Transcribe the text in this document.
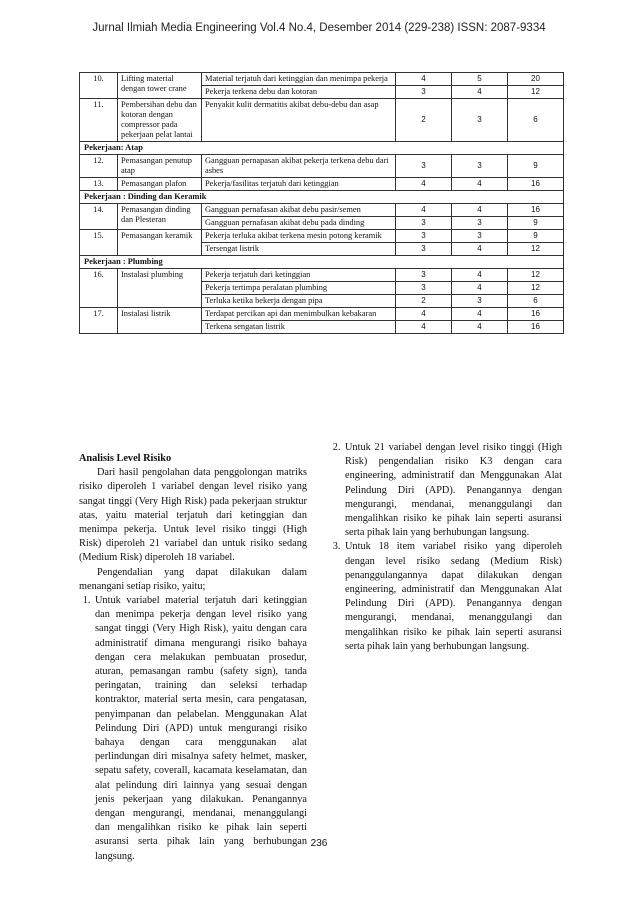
Jurnal Ilmiah Media Engineering Vol.4 No.4, Desember 2014 (229-238) ISSN: 2087-9334
10.	Lifting material dengan tower crane	Material terjatuh dari ketinggian dan menimpa pekerja	4	5	20
		Pekerja terkena debu dan kotoran	3	4	12
11.	Pembersihan debu dan kotoran dengan compressor pada pekerjaan pelat lantai	Penyakit kulit dermatitis akibat debu-debu dan asap	2	3	6
Pekerjaan: Atap					
12.	Pemasangan penutup atap	Gangguan pernapasan akibat pekerja terkena debu dari asbes	3	3	9
13.	Pemasangan plafon	Pekerja/fasilitas terjatuh dari ketinggian	4	4	16
Pekerjaan : Dinding dan Keramik					
14.	Pemasangan dinding dan Plesteran	Gangguan pernafasan akibat debu pasir/semen	4	4	16
		Gangguan pernafasan akibat debu pada dinding	3	3	9
15.	Pemasangan keramik	Pekerja terluka akibat terkena mesin potong keramik	3	3	9
		Tersengat listrik	3	4	12
Pekerjaan : Plumbing					
16.	Instalasi plumbing	Pekerja terjatuh dari ketinggian	3	4	12
		Pekerja tertimpa peralatan plumbing	3	4	12
		Terluka ketika bekerja dengan pipa	2	3	6
17.	Instalasi listrik	Terdapat percikan api dan menimbulkan kebakaran	4	4	16
		Terkena sengatan listrik	4	4	16

Analisis Level Risiko

Dari hasil pengolahan data penggolongan matriks risiko diperoleh 1 variabel dengan level risiko yang sangat tinggi (Very High Risk) pada pekerjaan struktur atas, yaitu material terjatuh dari ketinggian dan menimpa pekerja. Untuk level risiko tinggi (High Risk) diperoleh 21 variabel dan untuk risiko sedang (Medium Risk) diperoleh 18 variabel.

Pengendalian yang dapat dilakukan dalam menangani setiap risiko, yaitu;

1. Untuk variabel material terjatuh dari ketinggian dan menimpa pekerja dengan level risiko yang sangat tinggi (Very High Risk), yaitu dengan cara administratif dimana mengurangi risiko bahaya dengan cera melakukan pembuatan prosedur, aturan, pemasangan rambu (safety sign), tanda peringatan, training dan seleksi terhadap kontraktor, material serta mesin, cara pengatasan, penyimpanan dan pelabelan. Menggunakan Alat Pelindung Diri (APD) untuk mengurangi risiko bahaya dengan cara menggunakan alat perlindungan diri misalnya safety helmet, masker, sepatu safety, coverall, kacamata keselamatan, dan alat pelindung diri lainnya yang sesuai dengan jenis pekerjaan yang dilakukan. Penangannya dengan mengurangi, mendanai, menanggulangi dan mengalihkan risiko ke pihak lain seperti asuransi serta pihak lain yang berhubungan langsung.
2. Untuk 21 variabel dengan level risiko tinggi (High Risk) pengendalian risiko K3 dengan cara engineering, administratif dan Menggunakan Alat Pelindung Diri (APD). Penangannya dengan mengurangi, mendanai, menanggulangi dan mengalihkan risiko ke pihak lain seperti asuransi serta pihak lain yang berhubungan langsung.
3. Untuk 18 item variabel risiko yang diperoleh dengan level risiko sedang (Medium Risk) penanggulangannya dapat dilakukan dengan engineering, administratif dan Menggunakan Alat Pelindung Diri (APD). Penangannya dengan mengurangi, mendanai, menanggulangi dan mengalihkan risiko ke pihak lain seperti asuransi serta pihak lain yang berhubungan langsung.
236
